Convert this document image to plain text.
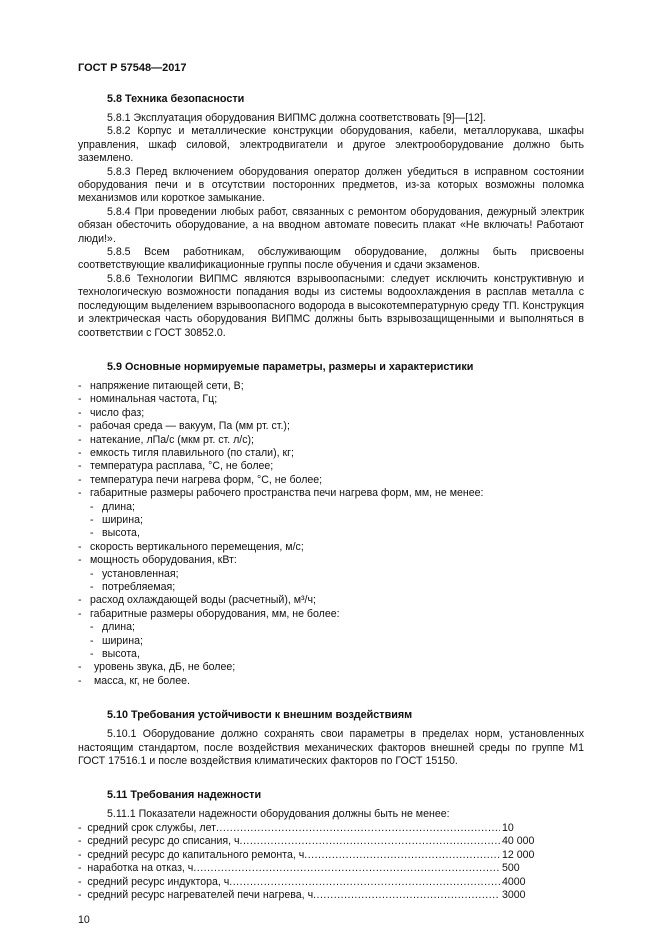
ГОСТ Р 57548—2017
5.8 Техника безопасности

5.8.1 Эксплуатация оборудования ВИПМС должна соответствовать [9]—[12].

5.8.2 Корпус и металлические конструкции оборудования, кабели, металлорукава, шкафы управления, шкаф силовой, электродвигатели и другое электрооборудование должно быть заземлено.

5.8.3 Перед включением оборудования оператор должен убедиться в исправном состоянии оборудования печи и в отсутствии посторонних предметов, из-за которых возможны поломка механизмов или короткое замыкание.

5.8.4 При проведении любых работ, связанных с ремонтом оборудования, дежурный электрик обязан обесточить оборудование, а на вводном автомате повесить плакат «Не включать! Работают люди!».

5.8.5 Всем работникам, обслуживающим оборудование, должны быть присвоены соответствующие квалификационные группы после обучения и сдачи экзаменов.

5.8.6 Технологии ВИПМС являются взрывоопасными: следует исключить конструктивную и технологическую возможности попадания воды из системы водоохлаждения в расплав металла с последующим выделением взрывоопасного водорода в высокотемпературную среду ТП. Конструкция и электрическая часть оборудования ВИПМС должны быть взрывозащищенными и выполняться в соответствии с ГОСТ 30852.0.

5.9 Основные нормируемые параметры, размеры и характеристики
- напряжение питающей сети, В;
- номинальная частота, Гц;
- число фаз;
- рабочая среда — вакуум, Па (мм рт. ст.);
- натекание, лПа/с (мкм рт. ст. л/с);
- емкость тигля плавильного (по стали), кг;
- температура расплава, °С, не более;
- температура печи нагрева форм, °С, не более;
- габаритные размеры рабочего пространства печи нагрева форм, мм, не менее:
- длина;
- ширина;
- высота,
- скорость вертикального перемещения, м/с;
- мощность оборудования, кВт:
- установленная;
- потребляемая;
- расход охлаждающей воды (расчетный), м³/ч;
- габаритные размеры оборудования, мм, не более:
- длина;
- ширина;
- высота,
- уровень звука, дБ, не более;
- масса, кг, не более.
5.10 Требования устойчивости к внешним воздействиям

5.10.1 Оборудование должно сохранять свои параметры в пределах норм, установленных настоящим стандартом, после воздействия механических факторов внешней среды по группе М1 ГОСТ 17516.1 и после воздействия климатических факторов по ГОСТ 15150.

5.11 Требования надежности
5.11.1 Показатели надежности оборудования должны быть не менее:
-  средний срок службы, лет .....	10
-  средний ресурс до списания, ч .....	40 000
-  средний ресурс до капитального ремонта, ч .....	12 000
-  наработка на отказ, ч .....	500
-  средний ресурс индуктора, ч .....	4000
-  средний ресурс нагревателей печи нагрева, ч .....	3000
10
